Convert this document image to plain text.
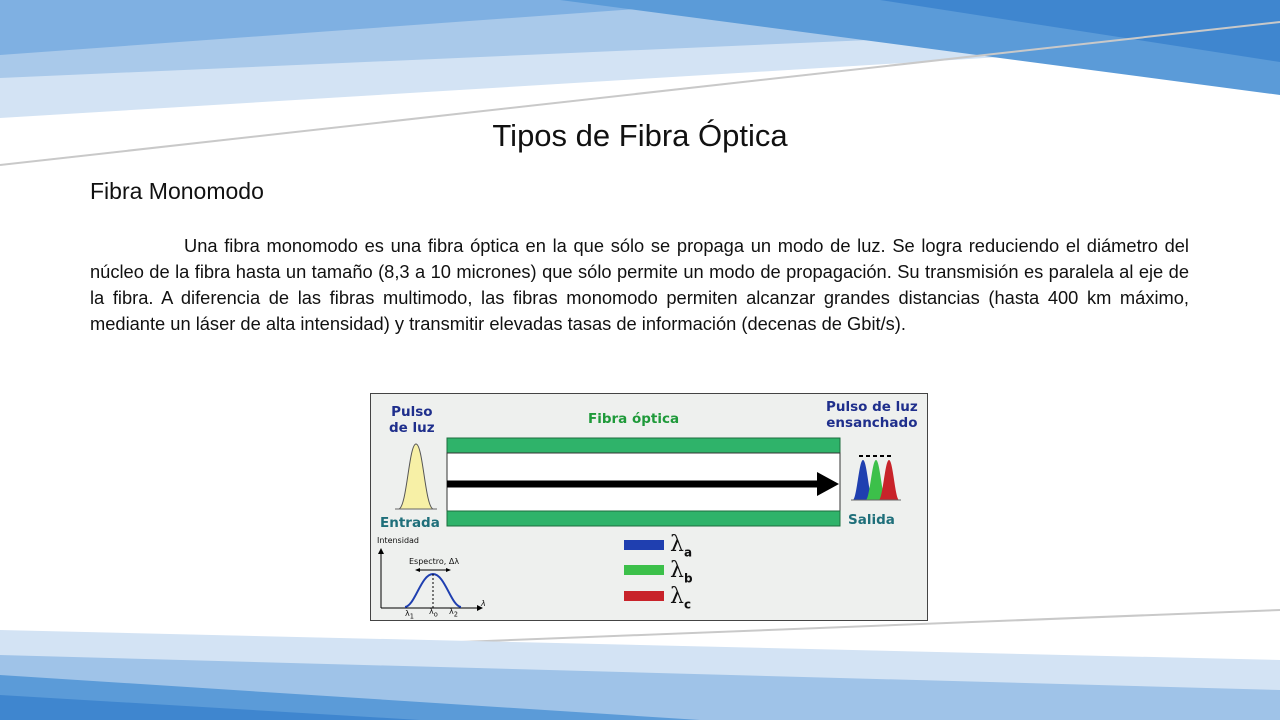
Tipos de Fibra Óptica
Fibra Monomodo

Una fibra monomodo es una fibra óptica en la que sólo se propaga un modo de luz. Se logra reduciendo el diámetro del núcleo de la fibra hasta un tamaño (8,3 a 10 micrones) que sólo permite un modo de propagación. Su transmisión es paralela al eje de la fibra. A diferencia de las fibras multimodo, las fibras monomodo permiten alcanzar grandes distancias (hasta 400 km máximo, mediante un láser de alta intensidad) y transmitir elevadas tasas de información (decenas de Gbit/s).

Pulso
de luz
Fibra óptica
Pulso de luz
ensanchado
Entrada	Salida
Intensidad
Espectro, Δλ
λ
$\lambda_1$
$\lambda_o$ $\lambda_2$
$\lambda_a$
$\lambda_b$
$\lambda_c$
